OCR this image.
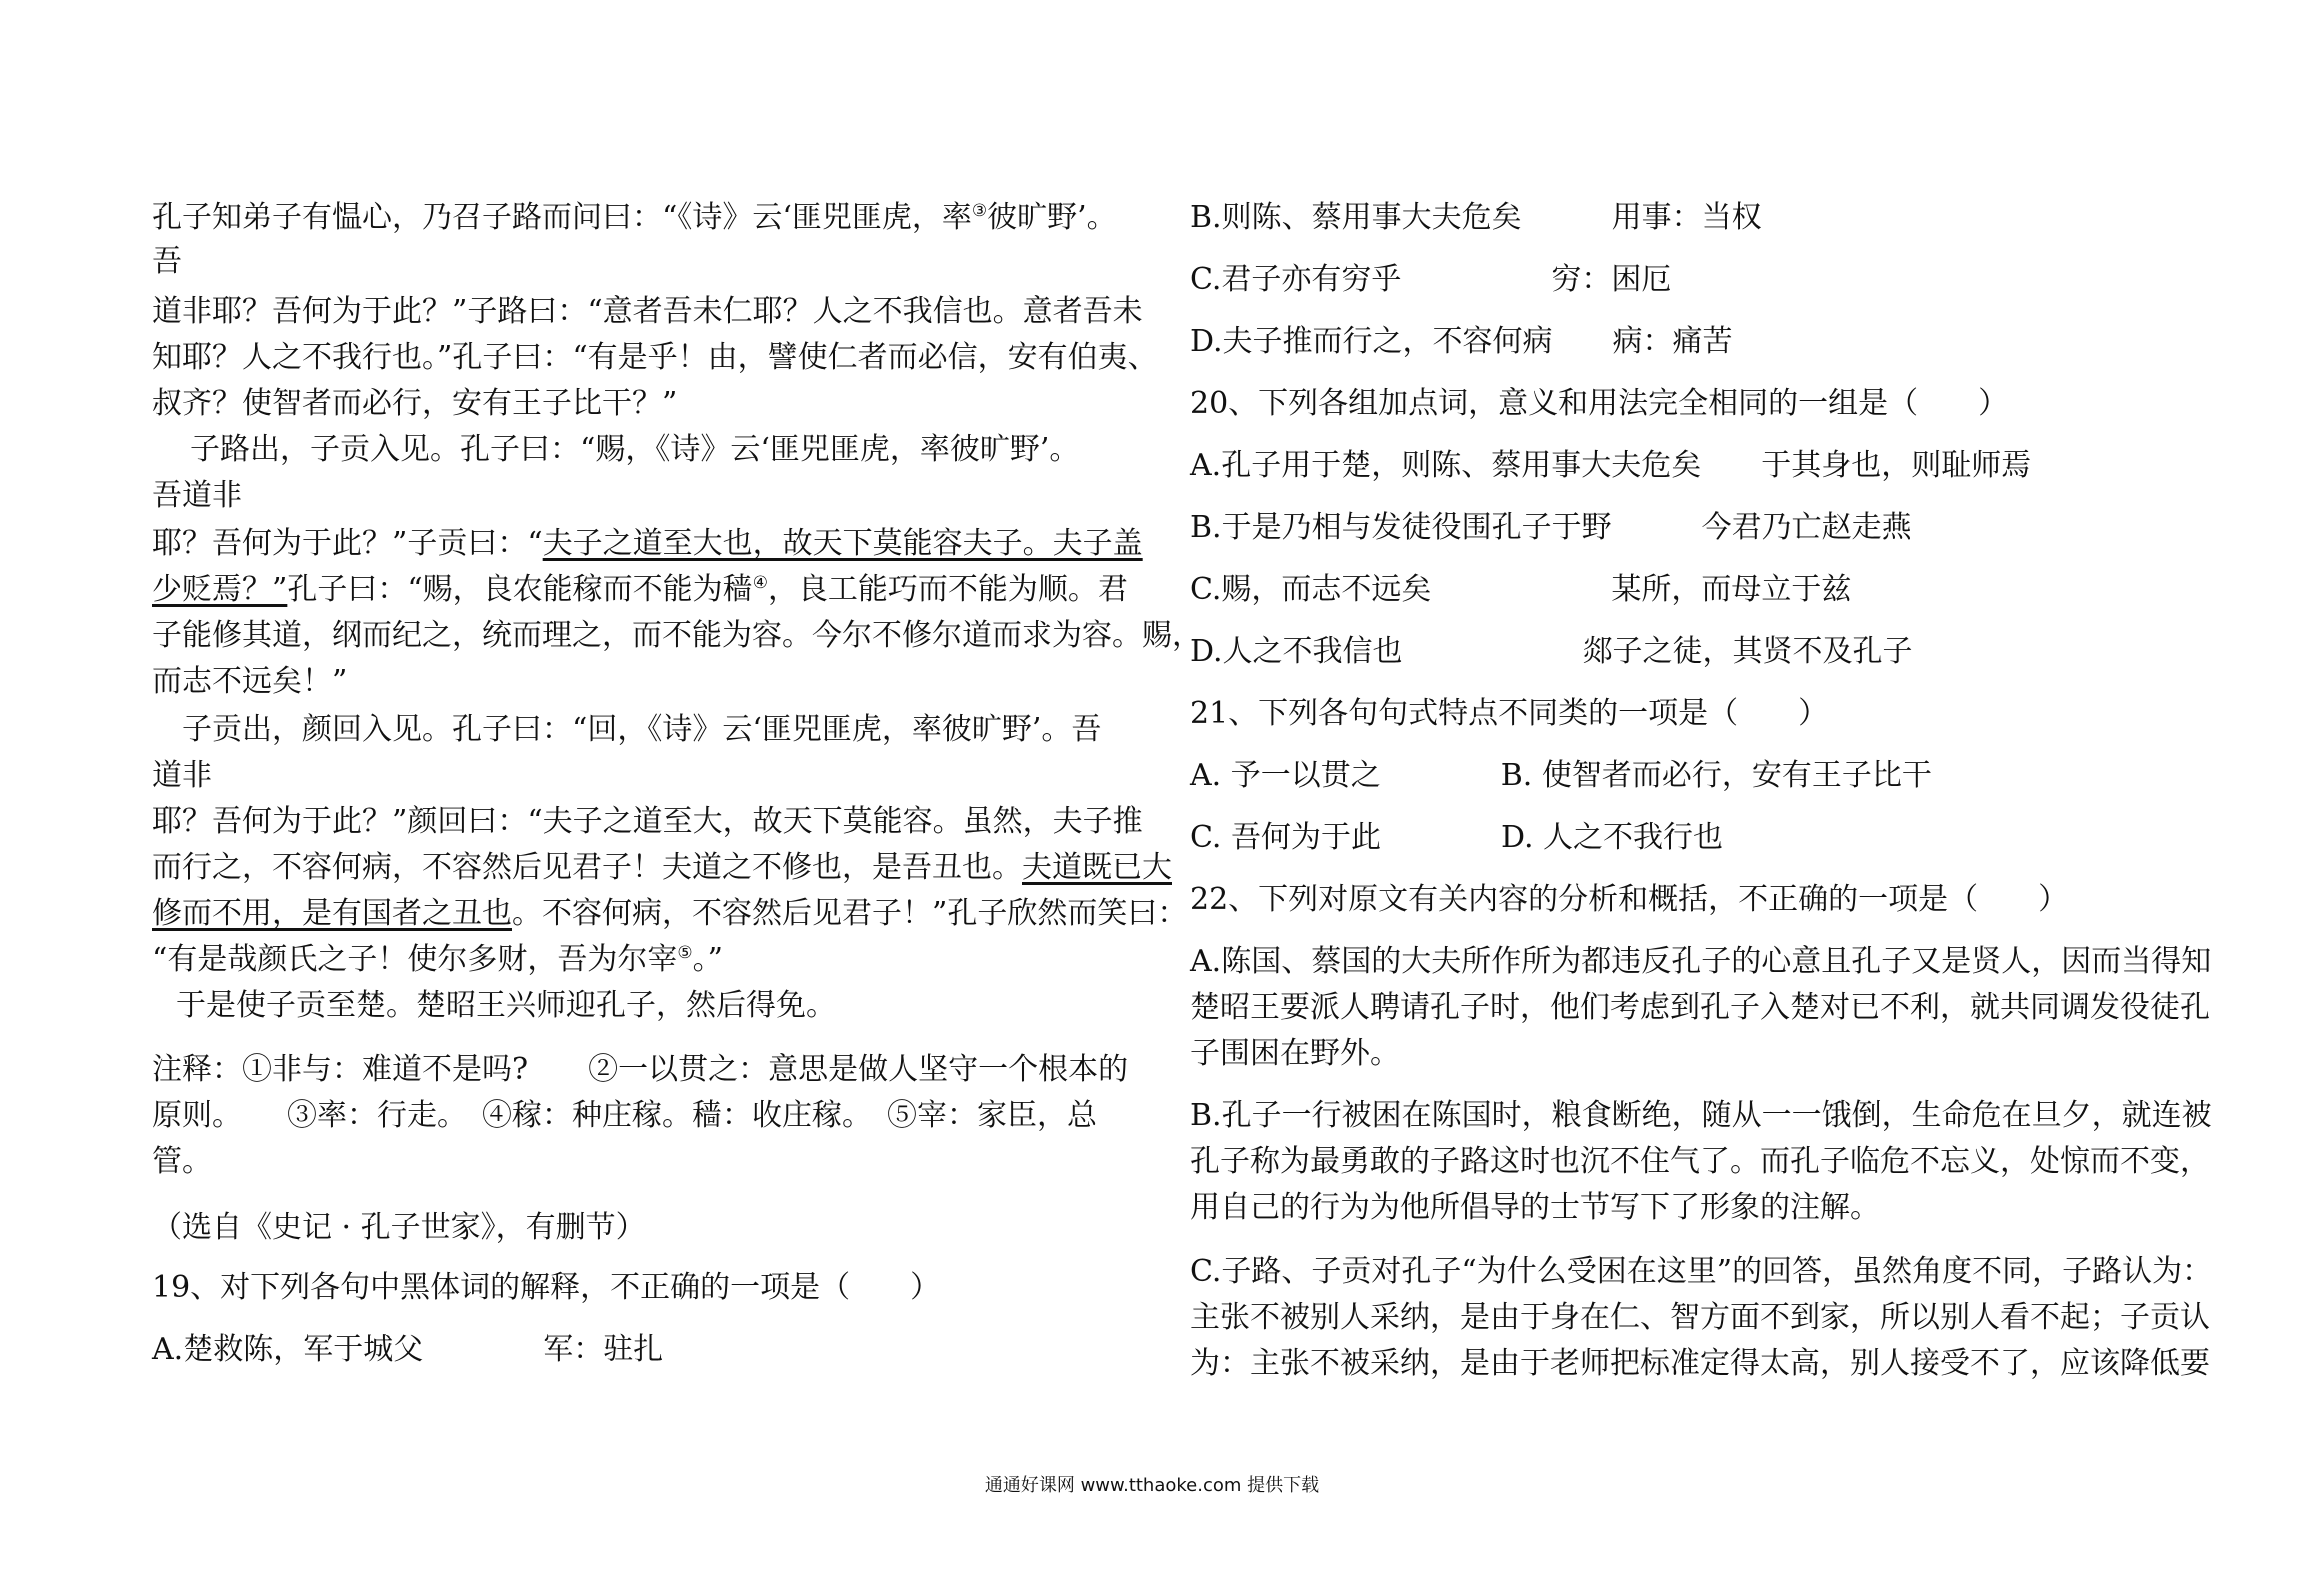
孔子知弟子有愠心，乃召子路而问曰：“《诗》云‘匪兕匪虎，率③彼旷野’。
吾
道非耶？吾何为于此？”子路曰：“意者吾未仁耶？人之不我信也。意者吾未
知耶？人之不我行也。”孔子曰：“有是乎！由，譬使仁者而必信，安有伯夷、
叔齐？使智者而必行，安有王子比干？”
子路出，子贡入见。孔子曰：“赐，《诗》云‘匪兕匪虎，率彼旷野’。
吾道非
耶？吾何为于此？”子贡曰：“夫子之道至大也，故天下莫能容夫子。夫子盖
少贬焉？”孔子曰：“赐，良农能稼而不能为穑④，良工能巧而不能为顺。君
子能修其道，纲而纪之，统而理之，而不能为容。今尔不修尔道而求为容。赐，
而志不远矣！”
子贡出，颜回入见。孔子曰：“回，《诗》云‘匪兕匪虎，率彼旷野’。吾
道非
耶？吾何为于此？”颜回曰：“夫子之道至大，故天下莫能容。虽然，夫子推
而行之，不容何病，不容然后见君子！夫道之不修也，是吾丑也。夫道既已大
修而不用，是有国者之丑也。不容何病，不容然后见君子！”孔子欣然而笑曰：
“有是哉颜氏之子！使尔多财，吾为尔宰⑤。”
于是使子贡至楚。楚昭王兴师迎孔子，然后得免。
注释：①非与：难道不是吗?　　②一以贯之：意思是做人坚守一个根本的
原则。　　③率：行走。　④稼：种庄稼。穑：收庄稼。　⑤宰：家臣，总
管。
（选自《史记 · 孔子世家》，有删节）
19、对下列各句中黑体词的解释，不正确的一项是（　　）
A.楚救陈，军于城父　　　　军：驻扎
B.则陈、蔡用事大夫危矣　　　用事：当权
C.君子亦有穷乎　　　　　穷：困厄
D.夫子推而行之，不容何病　　病：痛苦
20、下列各组加点词，意义和用法完全相同的一组是（　　）
A.孔子用于楚，则陈、蔡用事大夫危矣　　于其身也，则耻师焉
B.于是乃相与发徒役围孔子于野　　　今君乃亡赵走燕
C.赐，而志不远矣　　　　　　某所，而母立于兹
D.人之不我信也　　　　　　郯子之徒，其贤不及孔子
21、下列各句句式特点不同类的一项是（　　）
A. 予一以贯之　　　　B. 使智者而必行，安有王子比干
C. 吾何为于此　　　　D. 人之不我行也
22、下列对原文有关内容的分析和概括，不正确的一项是（　　）
A.陈国、蔡国的大夫所作所为都违反孔子的心意且孔子又是贤人，因而当得知
楚昭王要派人聘请孔子时，他们考虑到孔子入楚对已不利，就共同调发役徒孔
子围困在野外。
B.孔子一行被困在陈国时，粮食断绝，随从一一饿倒，生命危在旦夕，就连被
孔子称为最勇敢的子路这时也沉不住气了。而孔子临危不忘义，处惊而不变，
用自己的行为为他所倡导的士节写下了形象的注解。
C.子路、子贡对孔子“为什么受困在这里”的回答，虽然角度不同，子路认为：
主张不被别人采纳，是由于身在仁、智方面不到家，所以别人看不起；子贡认
为：主张不被采纳，是由于老师把标准定得太高，别人接受不了，应该降低要
通通好课网 www.tthaoke.com 提供下载
